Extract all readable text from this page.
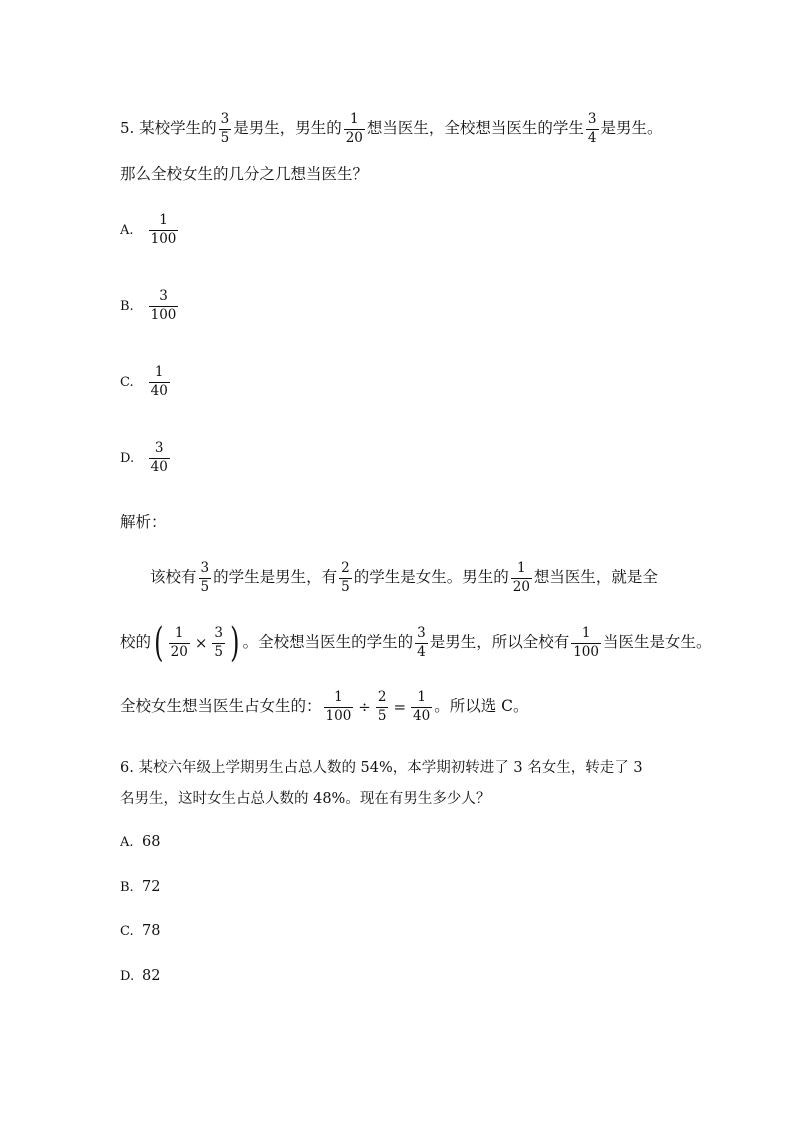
5. 某校学生的 $\frac{3}{5}$ 是男生，男生的 $\frac{1}{20}$ 想当医生，全校想当医生的学生 $\frac{3}{4}$ 是男生。
那么全校女生的几分之几想当医生？
A. $\frac{1}{100}$
B. $\frac{3}{100}$
C. $\frac{1}{40}$
D. $\frac{3}{40}$
解析：
该校有 $\frac{3}{5}$ 的学生是男生，有 $\frac{2}{5}$ 的学生是女生。男生的 $\frac{1}{20}$ 想当医生，就是全
校的( $\frac{1}{20} \times \frac{3}{5}$ ) 。全校想当医生的学生的 $\frac{3}{4}$ 是男生，所以全校有 $\frac{1}{100}$ 当医生是女生。
全校女生想当医生占女生的： $\frac{1}{100} \div \frac{2}{5} = \frac{1}{40}$ 。所以选 C。
6. 某校六年级上学期男生占总人数的 54%，本学期初转进了 3 名女生，转走了 3
名男生，这时女生占总人数的 48%。现在有男生多少人？
A. 68
B. 72
C. 78
D. 82
